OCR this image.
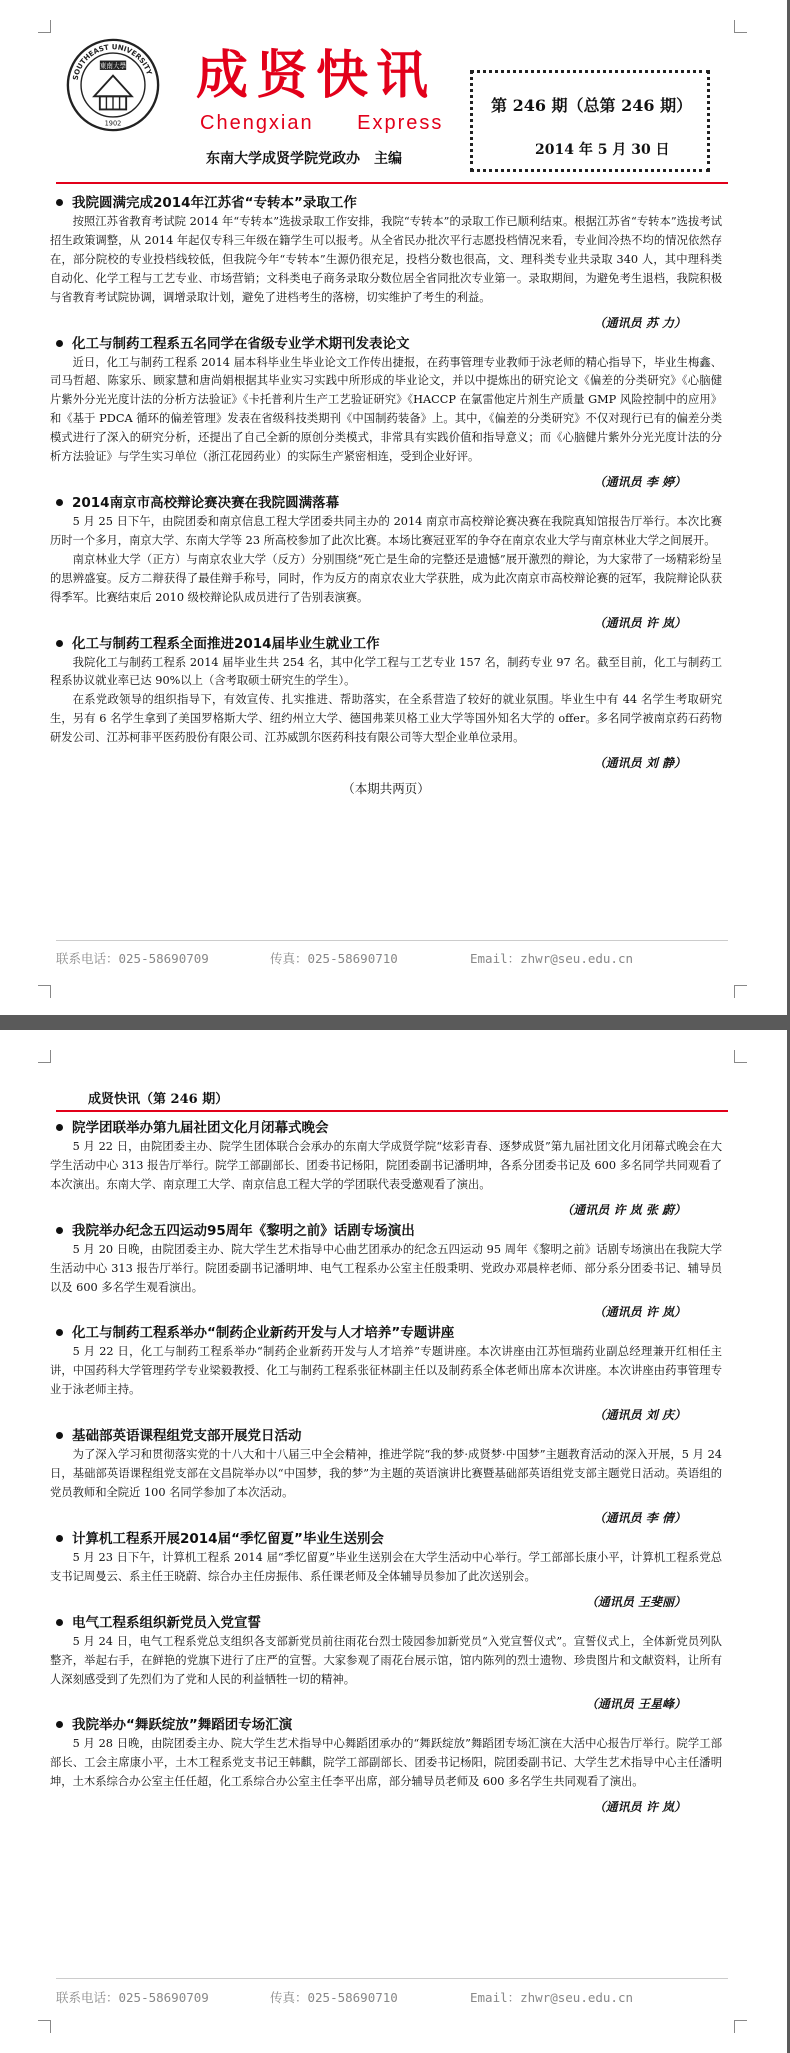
SOUTHEAST UNIVERSITY
東南大學
1902
成贤快讯
Chengxian Express
东南大学成贤学院党政办　主编
第 246 期（总第 246 期）
2014 年 5 月 30 日
我院圆满完成2014年江苏省“专转本”录取工作

按照江苏省教育考试院 2014 年“专转本”选拔录取工作安排，我院“专转本”的录取工作已顺利结束。根据江苏省“专转本”选拔考试招生政策调整，从 2014 年起仅专科三年级在籍学生可以报考。从全省民办批次平行志愿投档情况来看，专业间冷热不均的情况依然存在，部分院校的专业投档线较低，但我院今年“专转本”生源仍很充足，投档分数也很高，文、理科类专业共录取 340 人，其中理科类自动化、化学工程与工艺专业、市场营销；文科类电子商务录取分数位居全省同批次专业第一。录取期间，为避免考生退档，我院积极与省教育考试院协调，调增录取计划，避免了进档考生的落榜，切实维护了考生的利益。

（通讯员 苏 力）
化工与制药工程系五名同学在省级专业学术期刊发表论文

近日，化工与制药工程系 2014 届本科毕业生毕业论文工作传出捷报，在药事管理专业教师于泳老师的精心指导下，毕业生梅鑫、司马哲超、陈家乐、顾家慧和唐尚娟根据其毕业实习实践中所形成的毕业论文，并以中提炼出的研究论文《偏差的分类研究》《心脑健片紫外分光光度计法的分析方法验证》《卡托普利片生产工艺验证研究》《HACCP 在氯雷他定片剂生产质量 GMP 风险控制中的应用》和《基于 PDCA 循环的偏差管理》发表在省级科技类期刊《中国制药装备》上。其中，《偏差的分类研究》不仅对现行已有的偏差分类模式进行了深入的研究分析，还提出了自己全新的原创分类模式，非常具有实践价值和指导意义；而《心脑健片紫外分光光度计法的分析方法验证》与学生实习单位（浙江花园药业）的实际生产紧密相连，受到企业好评。

（通讯员 李 婷）
2014南京市高校辩论赛决赛在我院圆满落幕

5 月 25 日下午，由院团委和南京信息工程大学团委共同主办的 2014 南京市高校辩论赛决赛在我院真知馆报告厅举行。本次比赛历时一个多月，南京大学、东南大学等 23 所高校参加了此次比赛。本场比赛冠亚军的争夺在南京农业大学与南京林业大学之间展开。

南京林业大学（正方）与南京农业大学（反方）分别围绕“死亡是生命的完整还是遗憾”展开激烈的辩论，为大家带了一场精彩纷呈的思辨盛宴。反方二辩获得了最佳辩手称号，同时，作为反方的南京农业大学获胜，成为此次南京市高校辩论赛的冠军，我院辩论队获得季军。比赛结束后 2010 级校辩论队成员进行了告别表演赛。

（通讯员 许 岚）
化工与制药工程系全面推进2014届毕业生就业工作

我院化工与制药工程系 2014 届毕业生共 254 名，其中化学工程与工艺专业 157 名，制药专业 97 名。截至目前，化工与制药工程系协议就业率已达 90%以上（含考取硕士研究生的学生）。

在系党政领导的组织指导下，有效宣传、扎实推进、帮助落实，在全系营造了较好的就业氛围。毕业生中有 44 名学生考取研究生，另有 6 名学生拿到了美国罗格斯大学、纽约州立大学、德国弗莱贝格工业大学等国外知名大学的 offer。多名同学被南京药石药物研发公司、江苏柯菲平医药股份有限公司、江苏威凯尔医药科技有限公司等大型企业单位录用。

（通讯员 刘 静）
（本期共两页）
联系电话：025-58690709	传真：025-58690710	Email：zhwr@seu.edu.cn
成贤快讯（第 246 期）
院学团联举办第九届社团文化月闭幕式晚会

5 月 22 日，由院团委主办、院学生团体联合会承办的东南大学成贤学院“炫彩青春、逐梦成贤”第九届社团文化月闭幕式晚会在大学生活动中心 313 报告厅举行。院学工部副部长、团委书记杨阳，院团委副书记潘明坤，各系分团委书记及 600 多名同学共同观看了本次演出。东南大学、南京理工大学、南京信息工程大学的学团联代表受邀观看了演出。

（通讯员 许 岚 张 蔚）
我院举办纪念五四运动95周年《黎明之前》话剧专场演出

5 月 20 日晚，由院团委主办、院大学生艺术指导中心曲艺团承办的纪念五四运动 95 周年《黎明之前》话剧专场演出在我院大学生活动中心 313 报告厅举行。院团委副书记潘明坤、电气工程系办公室主任殷秉明、党政办邓晨梓老师、部分系分团委书记、辅导员以及 600 多名学生观看演出。

（通讯员 许 岚）
化工与制药工程系举办“制药企业新药开发与人才培养”专题讲座

5 月 22 日，化工与制药工程系举办“制药企业新药开发与人才培养”专题讲座。本次讲座由江苏恒瑞药业副总经理兼开红相任主讲，中国药科大学管理药学专业梁毅教授、化工与制药工程系张征林副主任以及制药系全体老师出席本次讲座。本次讲座由药事管理专业于泳老师主持。

（通讯员 刘 庆）
基础部英语课程组党支部开展党日活动

为了深入学习和贯彻落实党的十八大和十八届三中全会精神，推进学院“我的梦·成贤梦·中国梦”主题教育活动的深入开展，5 月 24 日，基础部英语课程组党支部在文昌院举办以“中国梦，我的梦”为主题的英语演讲比赛暨基础部英语组党支部主题党日活动。英语组的党员教师和全院近 100 名同学参加了本次活动。

（通讯员 李 倩）
计算机工程系开展2014届“季忆留夏”毕业生送别会

5 月 23 日下午，计算机工程系 2014 届“季忆留夏”毕业生送别会在大学生活动中心举行。学工部部长康小平，计算机工程系党总支书记周曼云、系主任王晓蔚、综合办主任房振伟、系任课老师及全体辅导员参加了此次送别会。

（通讯员 王斐丽）
电气工程系组织新党员入党宣誓

5 月 24 日，电气工程系党总支组织各支部新党员前往雨花台烈士陵园参加新党员“入党宣誓仪式”。宣誓仪式上，全体新党员列队整齐，举起右手，在鲜艳的党旗下进行了庄严的宣誓。大家参观了雨花台展示馆，馆内陈列的烈士遗物、珍贵图片和文献资料，让所有人深刻感受到了先烈们为了党和人民的利益牺牲一切的精神。

（通讯员 王星峰）
我院举办“舞跃绽放”舞蹈团专场汇演

5 月 28 日晚，由院团委主办、院大学生艺术指导中心舞蹈团承办的“舞跃绽放”舞蹈团专场汇演在大活中心报告厅举行。院学工部部长、工会主席康小平，土木工程系党支书记王韩麒，院学工部副部长、团委书记杨阳，院团委副书记、大学生艺术指导中心主任潘明坤，土木系综合办公室主任任超，化工系综合办公室主任李平出席，部分辅导员老师及 600 多名学生共同观看了演出。

（通讯员 许 岚）
联系电话：025-58690709	传真：025-58690710	Email：zhwr@seu.edu.cn
